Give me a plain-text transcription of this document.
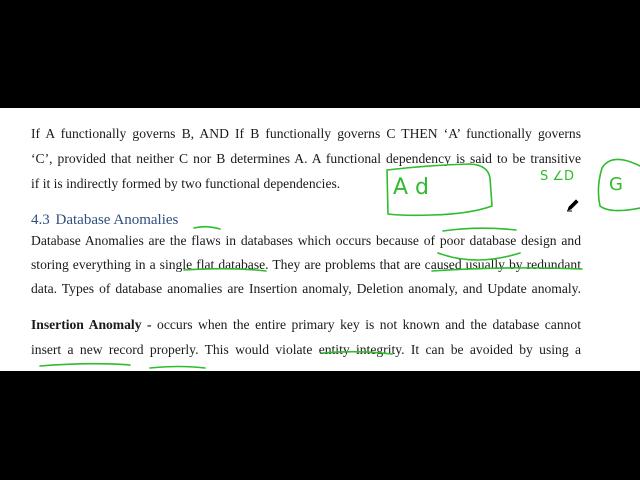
If A functionally governs B, AND If B functionally governs C THEN ‘A’ functionally governs
‘C’, provided that neither C nor B determines A. A functional dependency is said to be transitive
if it is indirectly formed by two functional dependencies.
4.3 Database Anomalies
Database Anomalies are the flaws in databases which occurs because of poor database design and
storing everything in a single flat database. They are problems that are caused usually by redundant
data. Types of database anomalies are Insertion anomaly, Deletion anomaly, and Update anomaly.
Insertion Anomaly - occurs when the entire primary key is not known and the database cannot
insert a new record properly. This would violate entity integrity. It can be avoided by using a
A d	G
S ∠D
